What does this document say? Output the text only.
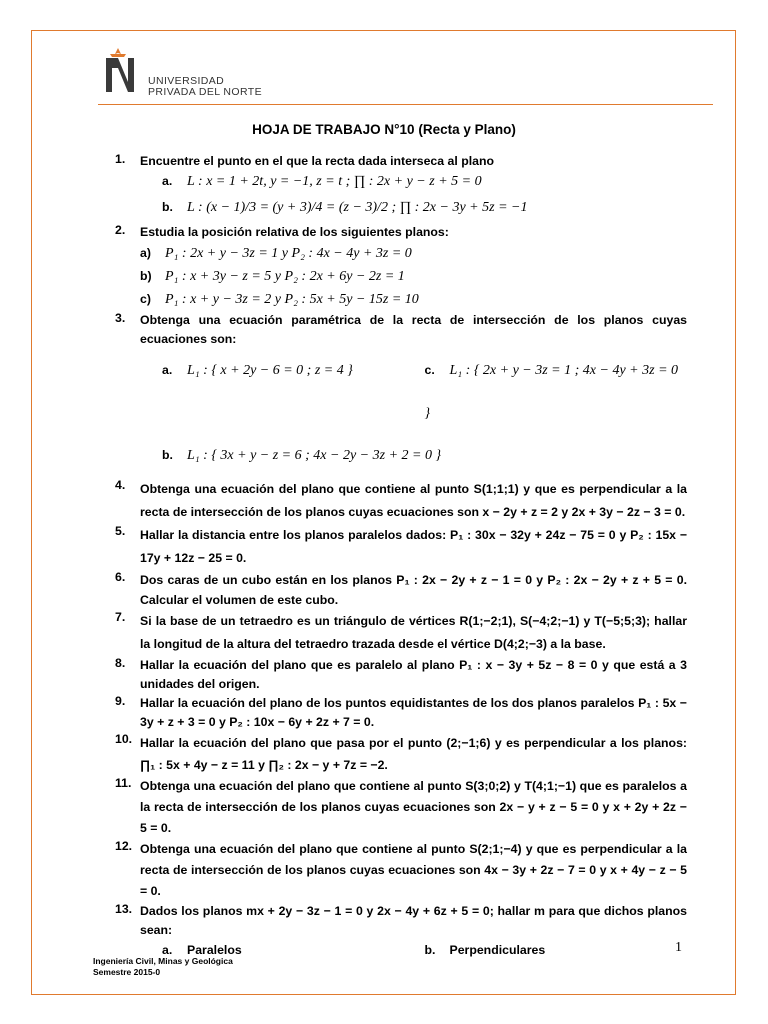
UNIVERSIDAD
PRIVADA DEL NORTE
HOJA DE TRABAJO N°10 (Recta y Plano)
1.	Encuentre el punto en el que la recta dada interseca al plano
a. L : x = 1 + 2t, y = −1, z = t ; ∏ : 2x + y − z + 5 = 0
b. L : (x − 1)/3 = (y + 3)/4 = (z − 3)/2 ; ∏ : 2x − 3y + 5z = −1
2.	Estudia la posición relativa de los siguientes planos:
a) P₁ : 2x + y − 3z = 1 y P₂ : 4x − 4y + 3z = 0
b) P₁ : x + 3y − z = 5 y P₂ : 2x + 6y − 2z = 1
c) P₁ : x + y − 3z = 2 y P₂ : 5x + 5y − 15z = 10
3.	Obtenga una ecuación paramétrica de la recta de intersección de los planos cuyas ecuaciones son:
a. L₁ : { x + 2y − 6 = 0 ; z = 4 }	c. L₁ : { 2x + y − 3z = 1 ; 4x − 4y + 3z = 0 }
b. L₁ : { 3x + y − z = 6 ; 4x − 2y − 3z + 2 = 0 }
4.	Obtenga una ecuación del plano que contiene al punto S(1;1;1) y que es perpendicular a la recta de intersección de los planos cuyas ecuaciones son x − 2y + z = 2 y 2x + 3y − 2z − 3 = 0.
5.	Hallar la distancia entre los planos paralelos dados: P₁ : 30x − 32y + 24z − 75 = 0 y P₂ : 15x − 17y + 12z − 25 = 0.
6.	Dos caras de un cubo están en los planos P₁ : 2x − 2y + z − 1 = 0 y P₂ : 2x − 2y + z + 5 = 0. Calcular el volumen de este cubo.
7.	Si la base de un tetraedro es un triángulo de vértices R(1;−2;1), S(−4;2;−1) y T(−5;5;3); hallar la longitud de la altura del tetraedro trazada desde el vértice D(4;2;−3) a la base.
8.	Hallar la ecuación del plano que es paralelo al plano P₁ : x − 3y + 5z − 8 = 0 y que está a 3 unidades del origen.
9.	Hallar la ecuación del plano de los puntos equidistantes de los dos planos paralelos P₁ : 5x − 3y + z + 3 = 0 y P₂ : 10x − 6y + 2z + 7 = 0.
10. Hallar la ecuación del plano que pasa por el punto (2;−1;6) y es perpendicular a los planos: ∏₁ : 5x + 4y − z = 11 y ∏₂ : 2x − y + 7z = −2.
11. Obtenga una ecuación del plano que contiene al punto S(3;0;2) y T(4;1;−1) que es paralelos a la recta de intersección de los planos cuyas ecuaciones son 2x − y + z − 5 = 0 y x + 2y + 2z − 5 = 0.
12. Obtenga una ecuación del plano que contiene al punto S(2;1;−4) y que es perpendicular a la recta de intersección de los planos cuyas ecuaciones son 4x − 3y + 2z − 7 = 0 y x + 4y − z − 5 = 0.
13. Dados los planos mx + 2y − 3z − 1 = 0 y 2x − 4y + 6z + 5 = 0; hallar m para que dichos planos sean:
a. Paralelos	b. Perpendiculares	1
Ingeniería Civil, Minas y Geológica
Semestre 2015-0
